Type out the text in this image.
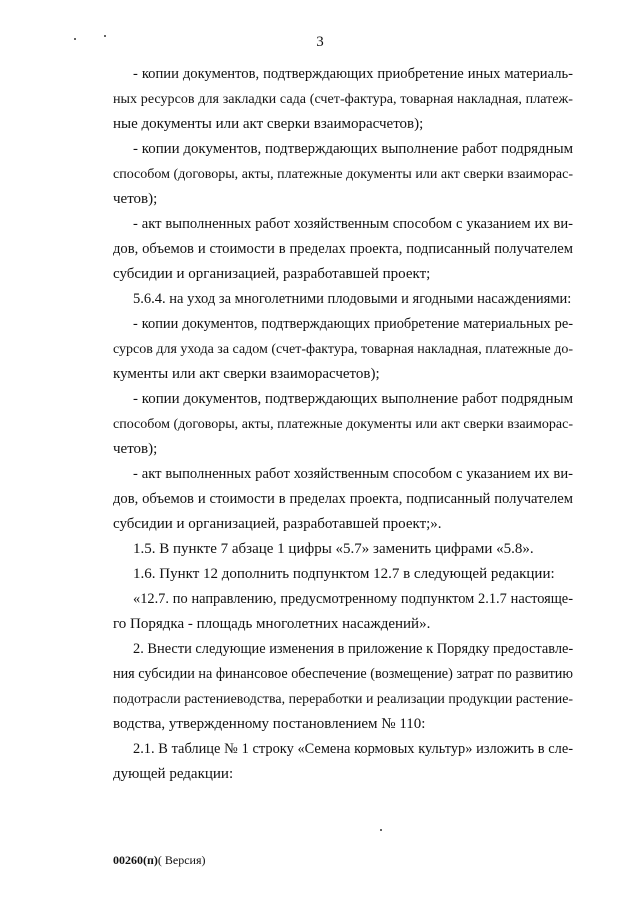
3
- копии документов, подтверждающих приобретение иных материаль-
ных ресурсов для закладки сада (счет-фактура, товарная накладная, платеж-
ные документы или акт сверки взаиморасчетов);
- копии документов, подтверждающих выполнение работ подрядным
способом (договоры, акты, платежные документы или акт сверки взаиморас-
четов);
- акт выполненных работ хозяйственным способом с указанием их ви-
дов, объемов и стоимости в пределах проекта, подписанный получателем
субсидии и организацией, разработавшей проект;
5.6.4. на уход за многолетними плодовыми и ягодными насаждениями:
- копии документов, подтверждающих приобретение материальных ре-
сурсов для ухода за садом (счет-фактура, товарная накладная, платежные до-
кументы или акт сверки взаиморасчетов);
- копии документов, подтверждающих выполнение работ подрядным
способом (договоры, акты, платежные документы или акт сверки взаиморас-
четов);
- акт выполненных работ хозяйственным способом с указанием их ви-
дов, объемов и стоимости в пределах проекта, подписанный получателем
субсидии и организацией, разработавшей проект;».
1.5. В пункте 7 абзаце 1 цифры «5.7» заменить цифрами «5.8».
1.6. Пункт 12 дополнить подпунктом 12.7 в следующей редакции:
«12.7. по направлению, предусмотренному подпунктом 2.1.7 настояще-
го Порядка - площадь многолетних насаждений».
2. Внести следующие изменения в приложение к Порядку предоставле-
ния субсидии на финансовое обеспечение (возмещение) затрат по развитию
подотрасли растениеводства, переработки и реализации продукции растение-
водства, утвержденному постановлением № 110:
2.1. В таблице № 1 строку «Семена кормовых культур» изложить в сле-
дующей редакции:
00260(п)( Версия)
